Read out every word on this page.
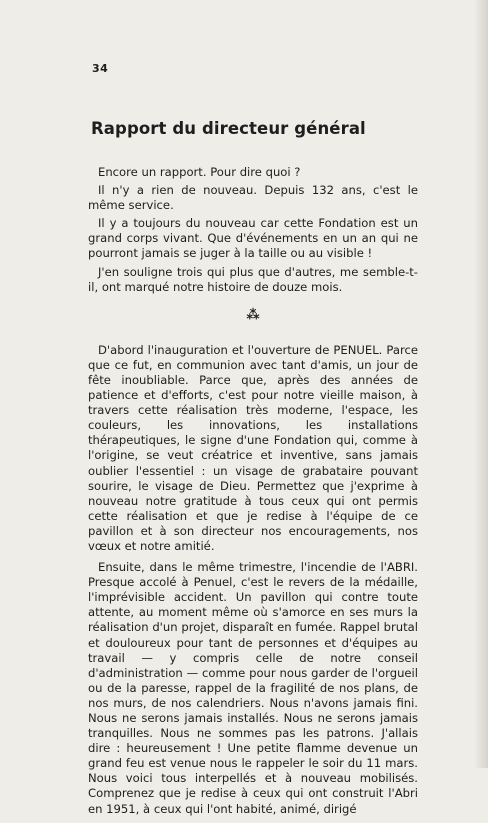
34
Rapport du directeur général

Encore un rapport. Pour dire quoi ?

Il n'y a rien de nouveau. Depuis 132 ans, c'est le même service.

Il y a toujours du nouveau car cette Fondation est un grand corps vivant. Que d'événements en un an qui ne pourront jamais se juger à la taille ou au visible !

J'en souligne trois qui plus que d'autres, me semble-t-il, ont marqué notre histoire de douze mois.

⁂

D'abord l'inauguration et l'ouverture de PENUEL. Parce que ce fut, en communion avec tant d'amis, un jour de fête inoubliable. Parce que, après des années de patience et d'efforts, c'est pour notre vieille maison, à travers cette réalisation très moderne, l'espace, les couleurs, les innovations, les installations thérapeutiques, le signe d'une Fondation qui, comme à l'origine, se veut créatrice et inventive, sans jamais oublier l'essentiel : un visage de grabataire pouvant sourire, le visage de Dieu. Permettez que j'exprime à nouveau notre gratitude à tous ceux qui ont permis cette réalisation et que je redise à l'équipe de ce pavillon et à son directeur nos encouragements, nos vœux et notre amitié.

Ensuite, dans le même trimestre, l'incendie de l'ABRI. Presque accolé à Penuel, c'est le revers de la médaille, l'imprévisible accident. Un pavillon qui contre toute attente, au moment même où s'amorce en ses murs la réalisation d'un projet, disparaît en fumée. Rappel brutal et douloureux pour tant de personnes et d'équipes au travail — y compris celle de notre conseil d'administration — comme pour nous garder de l'orgueil ou de la paresse, rappel de la fragilité de nos plans, de nos murs, de nos calendriers. Nous n'avons jamais fini. Nous ne serons jamais installés. Nous ne serons jamais tranquilles. Nous ne sommes pas les patrons. J'allais dire : heureusement ! Une petite flamme devenue un grand feu est venue nous le rappeler le soir du 11 mars. Nous voici tous interpellés et à nouveau mobilisés. Comprenez que je redise à ceux qui ont construit l'Abri en 1951, à ceux qui l'ont habité, animé, dirigé
